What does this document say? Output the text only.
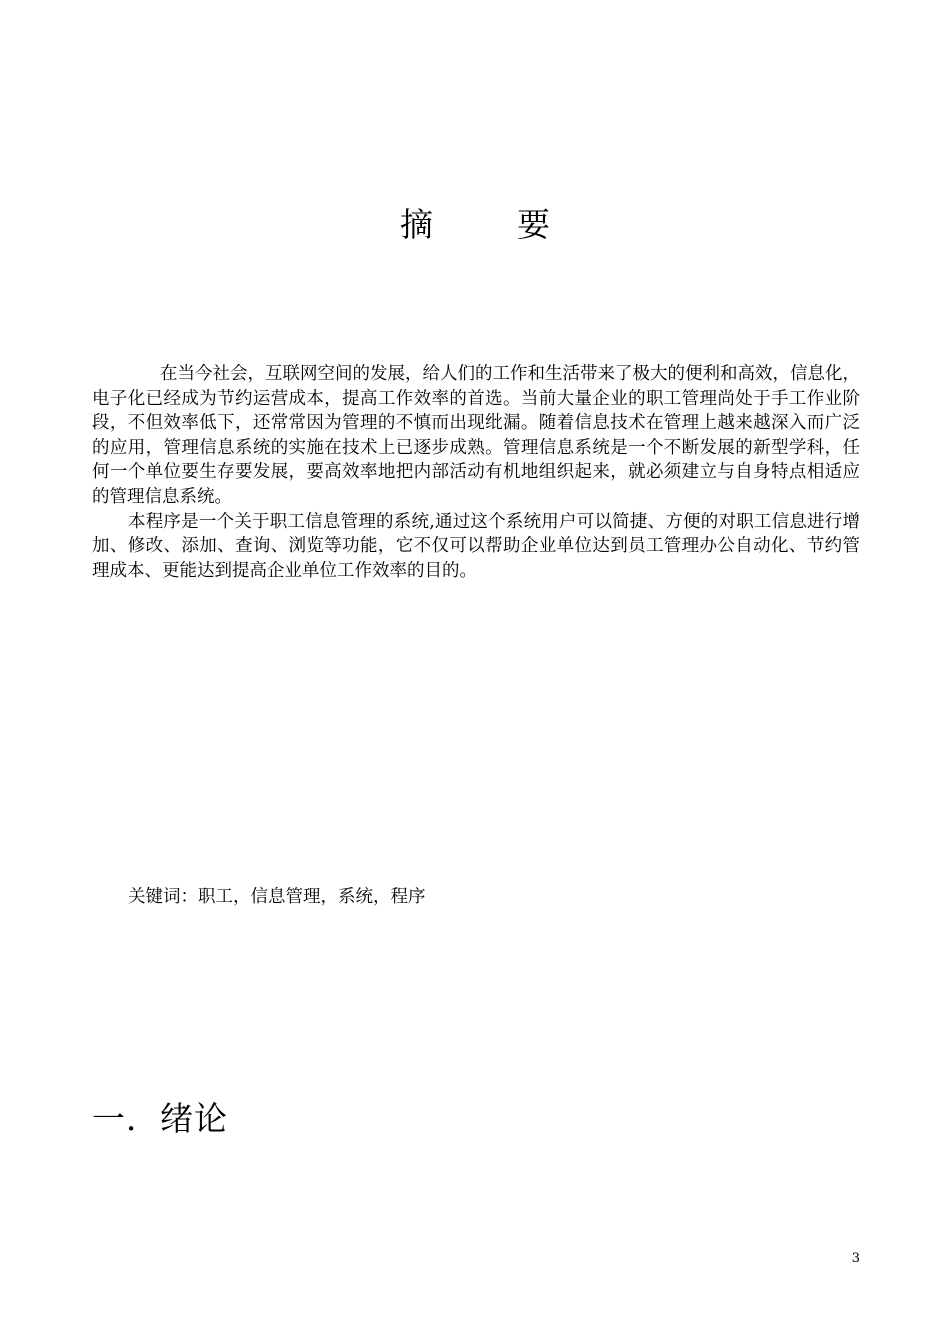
摘要

在当今社会，互联网空间的发展，给人们的工作和生活带来了极大的便利和高效，信息化，电子化已经成为节约运营成本，提高工作效率的首选。当前大量企业的职工管理尚处于手工作业阶段，不但效率低下，还常常因为管理的不慎而出现纰漏。随着信息技术在管理上越来越深入而广泛的应用，管理信息系统的实施在技术上已逐步成熟。管理信息系统是一个不断发展的新型学科，任何一个单位要生存要发展，要高效率地把内部活动有机地组织起来，就必须建立与自身特点相适应的管理信息系统。

本程序是一个关于职工信息管理的系统,通过这个系统用户可以简捷、方便的对职工信息进行增加、修改、添加、查询、浏览等功能，它不仅可以帮助企业单位达到员工管理办公自动化、节约管理成本、更能达到提高企业单位工作效率的目的。

关键词：职工，信息管理，系统，程序

一．绪论
3
